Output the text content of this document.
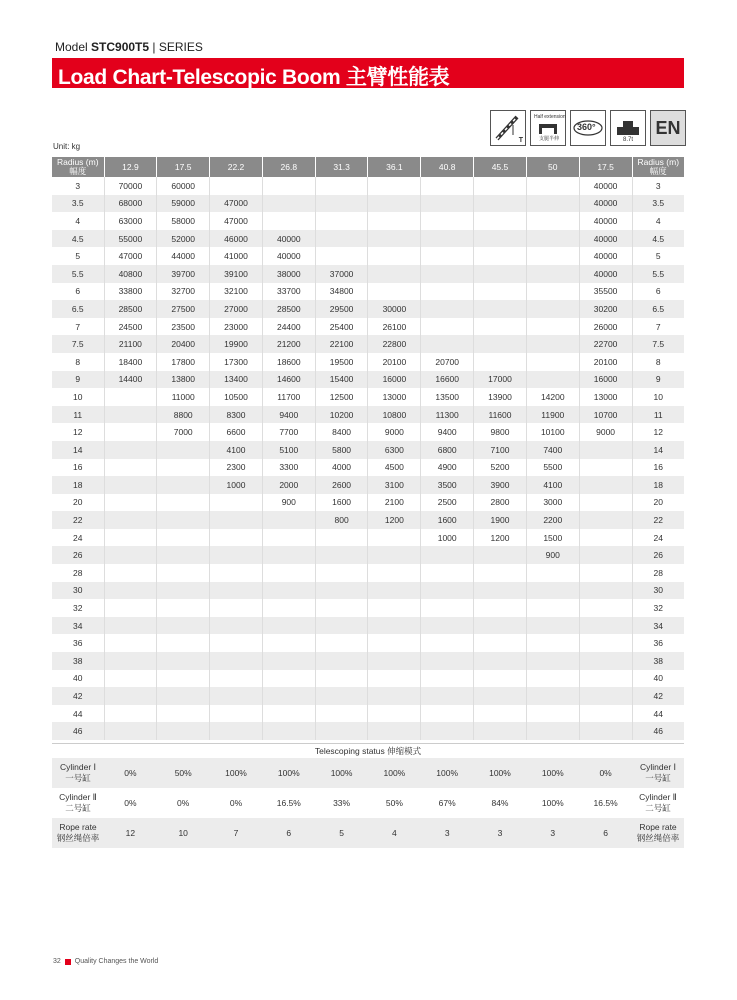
Model STC900T5 | SERIES
Load Chart-Telescopic Boom 主臂性能表
T
Half extension
支腿半伸
360°
8.7t
EN
Unit: kg
Radius (m)
幅度	12.9	17.5	22.2	26.8	31.3	36.1	40.8	45.5	50	17.5	Radius (m)
幅度
3	70000	60000								40000	3
3.5	68000	59000	47000							40000	3.5
4	63000	58000	47000							40000	4
4.5	55000	52000	46000	40000						40000	4.5
5	47000	44000	41000	40000						40000	5
5.5	40800	39700	39100	38000	37000					40000	5.5
6	33800	32700	32100	33700	34800					35500	6
6.5	28500	27500	27000	28500	29500	30000				30200	6.5
7	24500	23500	23000	24400	25400	26100				26000	7
7.5	21100	20400	19900	21200	22100	22800				22700	7.5
8	18400	17800	17300	18600	19500	20100	20700			20100	8
9	14400	13800	13400	14600	15400	16000	16600	17000		16000	9
10		11000	10500	11700	12500	13000	13500	13900	14200	13000	10
11		8800	8300	9400	10200	10800	11300	11600	11900	10700	11
12		7000	6600	7700	8400	9000	9400	9800	10100	9000	12
14			4100	5100	5800	6300	6800	7100	7400		14
16			2300	3300	4000	4500	4900	5200	5500		16
18			1000	2000	2600	3100	3500	3900	4100		18
20				900	1600	2100	2500	2800	3000		20
22					800	1200	1600	1900	2200		22
24							1000	1200	1500		24
26									900		26
28											28
30											30
32											32
34											34
36											36
38											38
40											40
42											42
44											44
46											46
Telescoping status 伸缩模式
Cylinder Ⅰ
一号缸	0%	50%	100%	100%	100%	100%	100%	100%	100%	0%	Cylinder Ⅰ
一号缸
Cylinder Ⅱ
二号缸	0%	0%	0%	16.5%	33%	50%	67%	84%	100%	16.5%	Cylinder Ⅱ
二号缸
Rope rate
钢丝绳倍率	12	10	7	6	5	4	3	3	3	6	Rope rate
钢丝绳倍率
32 Quality Changes the World
